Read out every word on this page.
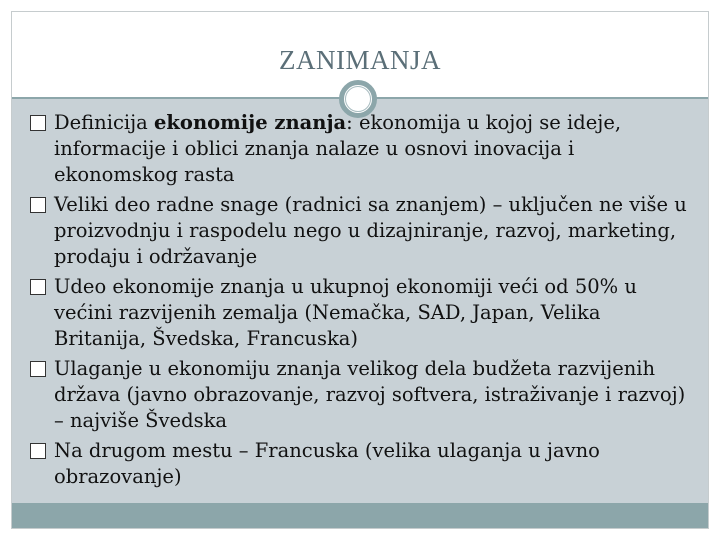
ZANIMANJA
Definicija ekonomije znanja: ekonomija u kojoj se ideje, informacije i oblici znanja nalaze u osnovi inovacija i ekonomskog rasta
Veliki deo radne snage (radnici sa znanjem) – uključen ne više u proizvodnju i raspodelu nego u dizajniranje, razvoj, marketing, prodaju i održavanje
Udeo ekonomije znanja u ukupnoj ekonomiji veći od 50% u većini razvijenih zemalja (Nemačka, SAD, Japan, Velika Britanija, Švedska, Francuska)
Ulaganje u ekonomiju znanja velikog dela budžeta razvijenih država (javno obrazovanje, razvoj softvera, istraživanje i razvoj) – najviše Švedska
Na drugom mestu – Francuska (velika ulaganja u javno obrazovanje)
